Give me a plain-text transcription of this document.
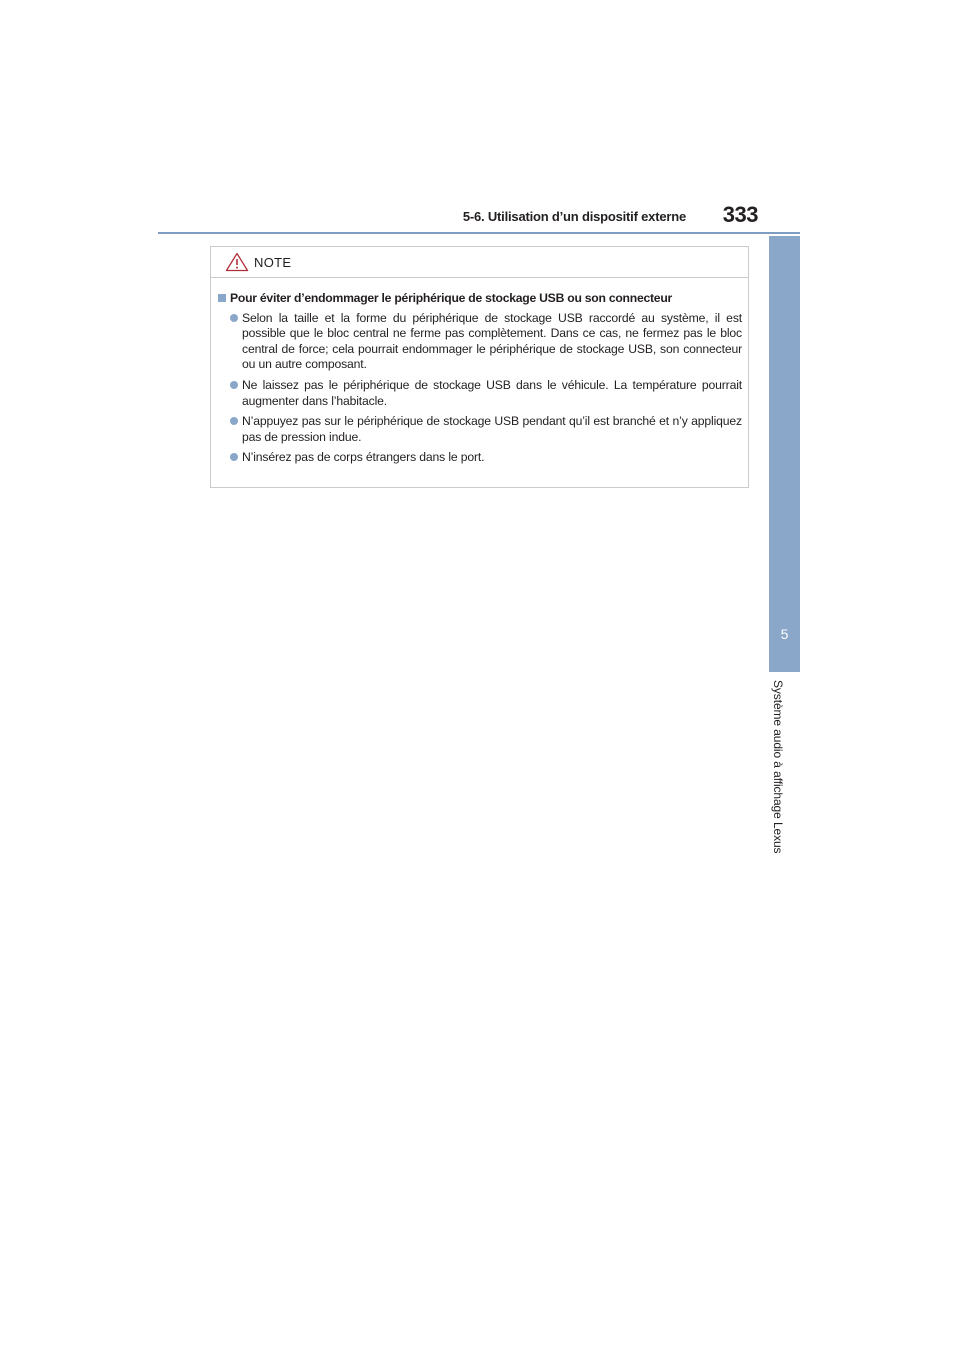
5-6. Utilisation d’un dispositif externe 333
5
Système audio à affichage Lexus
NOTE
Pour éviter d’endommager le périphérique de stockage USB ou son connecteur
Selon la taille et la forme du périphérique de stockage USB raccordé au système, il est possible que le bloc central ne ferme pas complètement. Dans ce cas, ne fermez pas le bloc central de force; cela pourrait endommager le périphérique de stockage USB, son connecteur ou un autre composant.
Ne laissez pas le périphérique de stockage USB dans le véhicule. La température pourrait augmenter dans l’habitacle.
N’appuyez pas sur le périphérique de stockage USB pendant qu’il est branché et n’y appliquez pas de pression indue.
N’insérez pas de corps étrangers dans le port.
